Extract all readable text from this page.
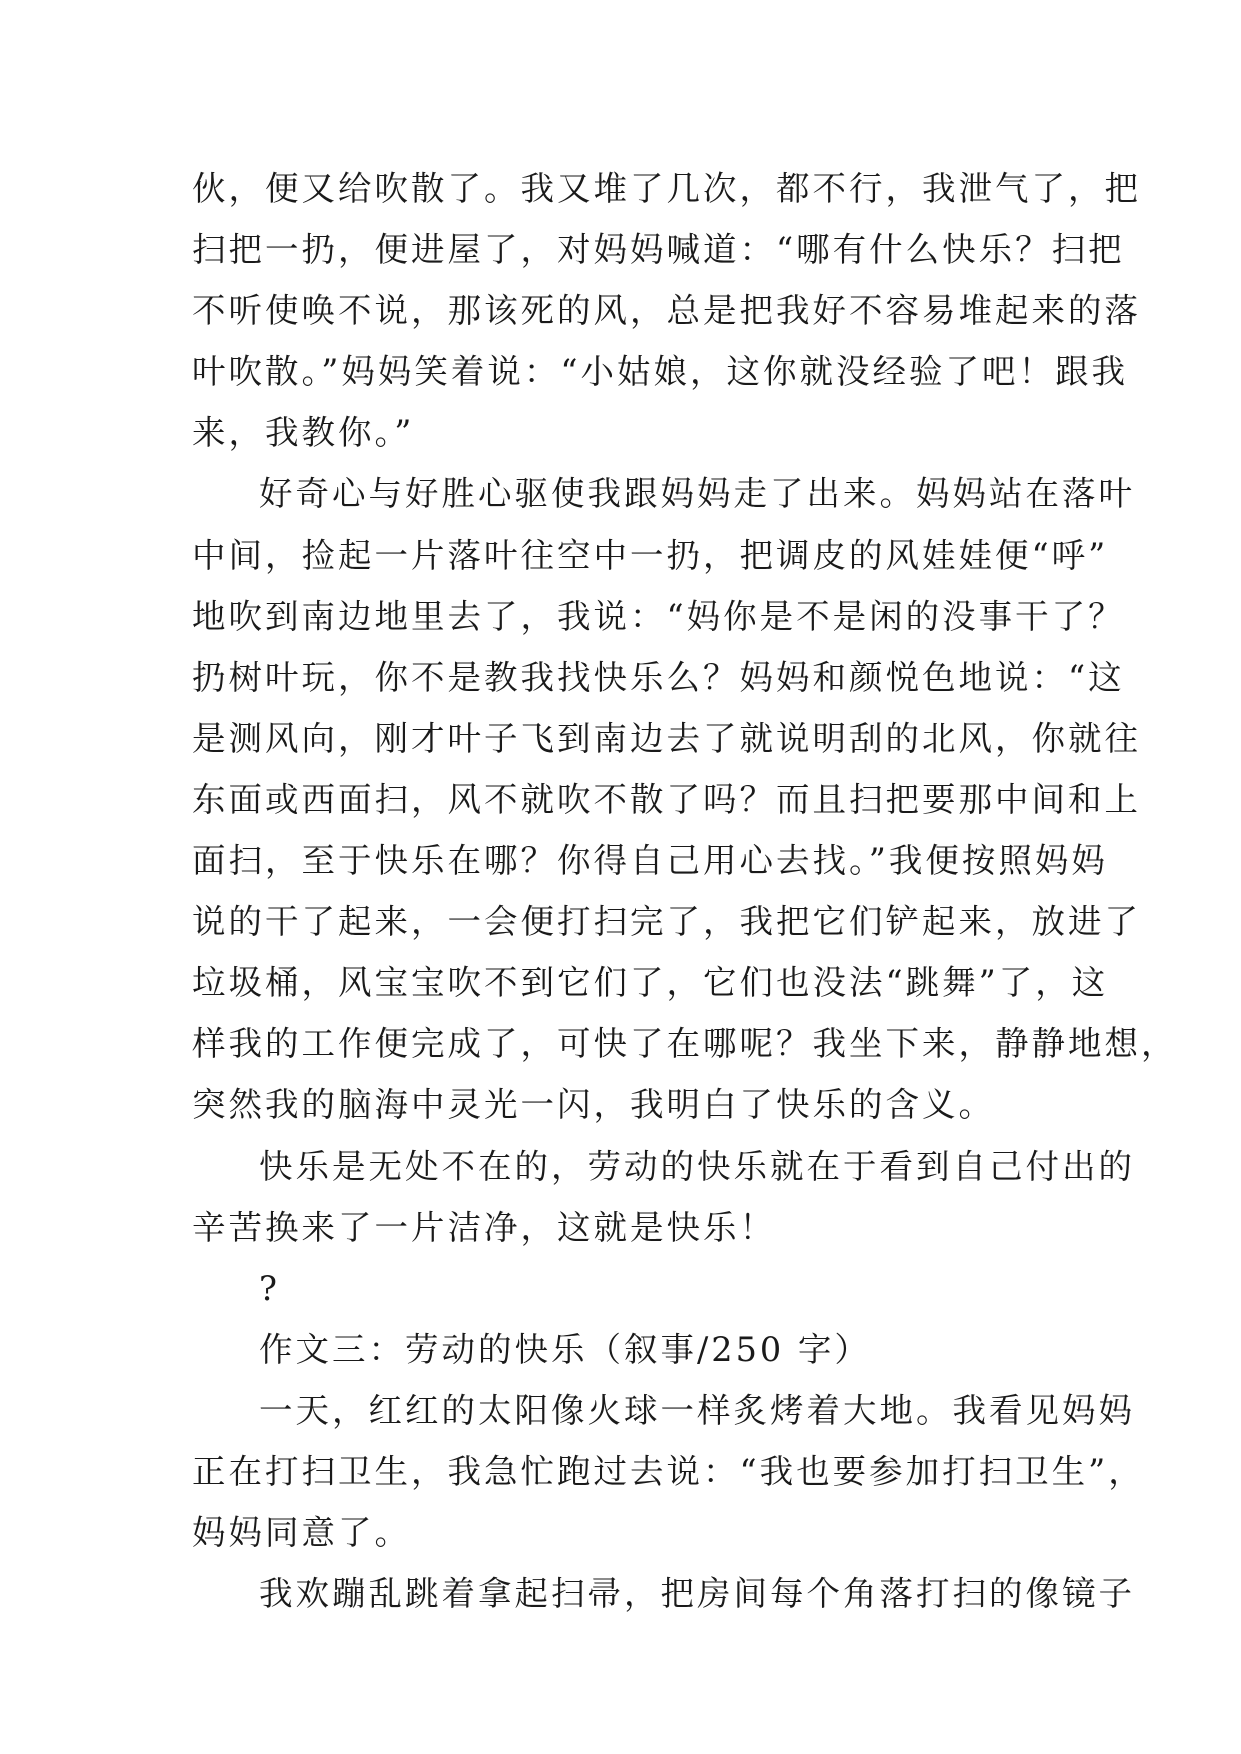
伙，便又给吹散了。我又堆了几次，都不行，我泄气了，把
扫把一扔，便进屋了，对妈妈喊道：“哪有什么快乐？扫把
不听使唤不说，那该死的风，总是把我好不容易堆起来的落
叶吹散。”妈妈笑着说：“小姑娘，这你就没经验了吧！跟我
来，我教你。”
好奇心与好胜心驱使我跟妈妈走了出来。妈妈站在落叶
中间，捡起一片落叶往空中一扔，把调皮的风娃娃便“呼”
地吹到南边地里去了，我说：“妈你是不是闲的没事干了？
扔树叶玩，你不是教我找快乐么？妈妈和颜悦色地说：“这
是测风向，刚才叶子飞到南边去了就说明刮的北风，你就往
东面或西面扫，风不就吹不散了吗？而且扫把要那中间和上
面扫，至于快乐在哪？你得自己用心去找。”我便按照妈妈
说的干了起来，一会便打扫完了，我把它们铲起来，放进了
垃圾桶，风宝宝吹不到它们了，它们也没法“跳舞”了，这
样我的工作便完成了，可快了在哪呢？我坐下来，静静地想，
突然我的脑海中灵光一闪，我明白了快乐的含义。
快乐是无处不在的，劳动的快乐就在于看到自己付出的
辛苦换来了一片洁净，这就是快乐！
?
作文三：劳动的快乐（叙事/250 字）
一天，红红的太阳像火球一样炙烤着大地。我看见妈妈
正在打扫卫生，我急忙跑过去说：“我也要参加打扫卫生”，
妈妈同意了。
我欢蹦乱跳着拿起扫帚，把房间每个角落打扫的像镜子
